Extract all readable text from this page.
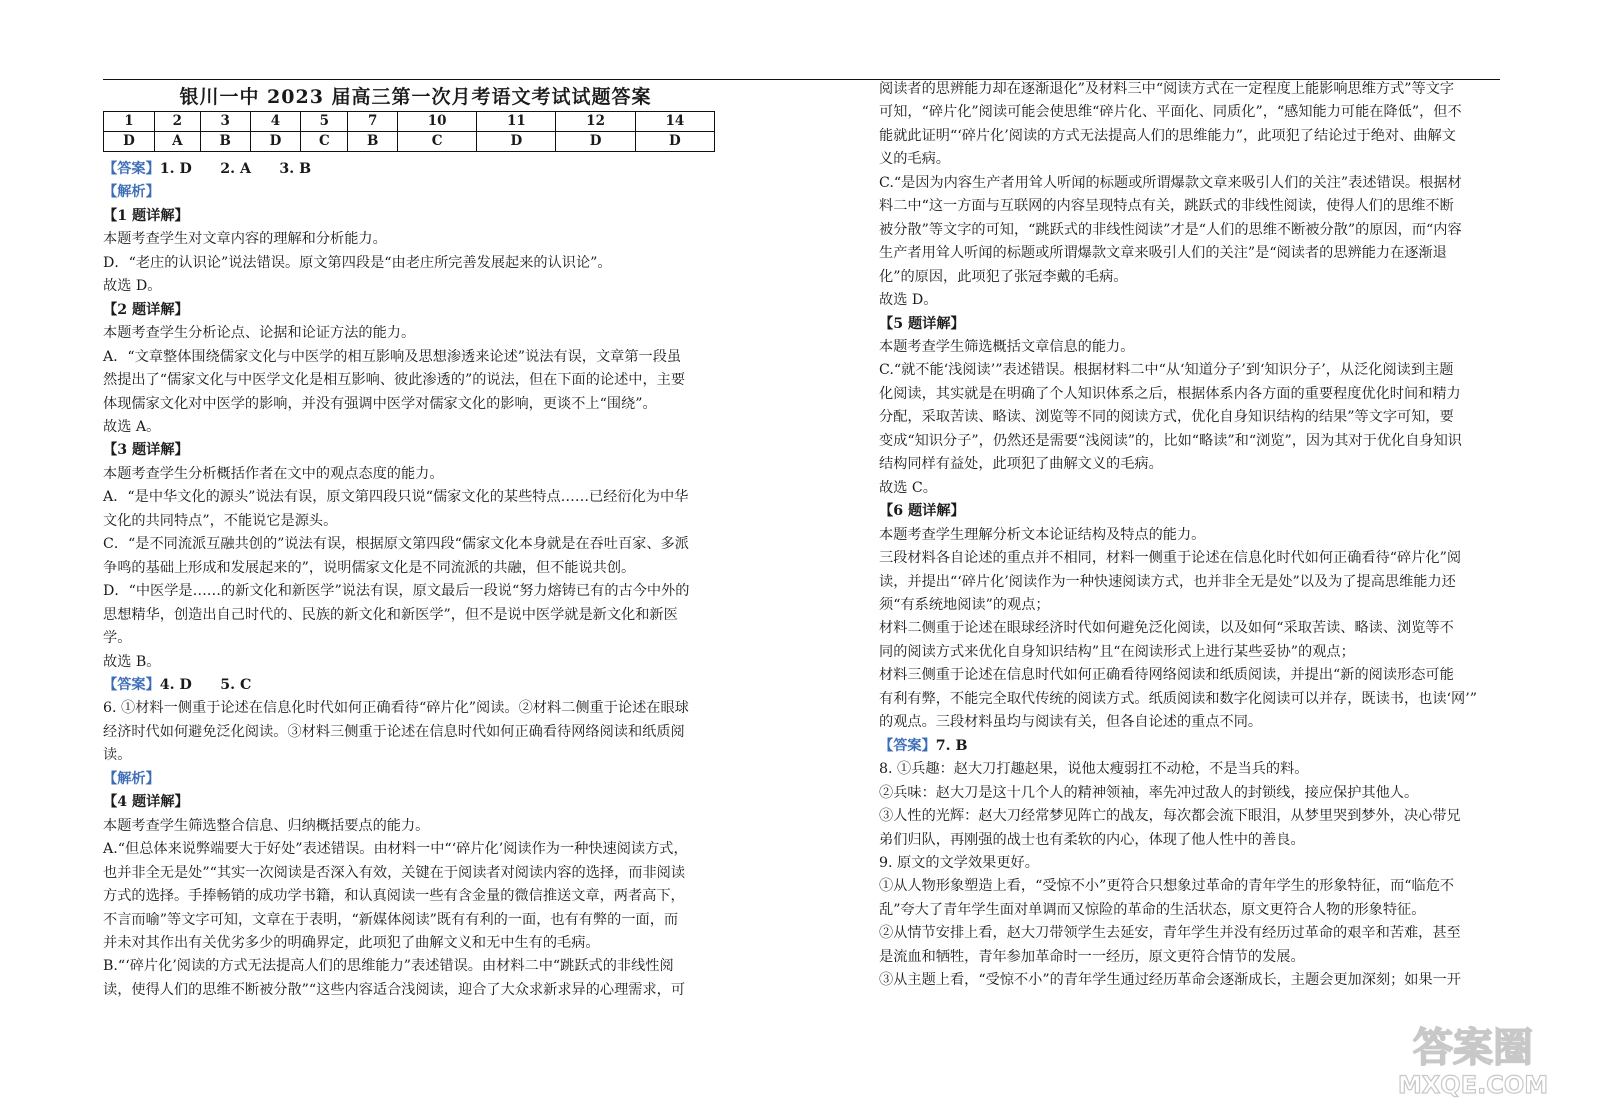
银川一中 2023 届高三第一次月考语文考试试题答案
1	2	3	4	5	7	10	11	12	14
D	A	B	D	C	B	C	D	D	D
【答案】1. D　　2. A　　3. B
【解析】
【1 题详解】
本题考查学生对文章内容的理解和分析能力。
D．“老庄的认识论”说法错误。原文第四段是“由老庄所完善发展起来的认识论”。
故选 D。
【2 题详解】
本题考查学生分析论点、论据和论证方法的能力。
A．“文章整体围绕儒家文化与中医学的相互影响及思想渗透来论述”说法有误，文章第一段虽
然提出了“儒家文化与中医学文化是相互影响、彼此渗透的”的说法，但在下面的论述中，主要
体现儒家文化对中医学的影响，并没有强调中医学对儒家文化的影响，更谈不上“围绕”。
故选 A。
【3 题详解】
本题考查学生分析概括作者在文中的观点态度的能力。
A．“是中华文化的源头”说法有误，原文第四段只说“儒家文化的某些特点……已经衍化为中华
文化的共同特点”，不能说它是源头。
C．“是不同流派互融共创的”说法有误，根据原文第四段“儒家文化本身就是在吞吐百家、多派
争鸣的基础上形成和发展起来的”，说明儒家文化是不同流派的共融，但不能说共创。
D．“中医学是……的新文化和新医学”说法有误，原文最后一段说“努力熔铸已有的古今中外的
思想精华，创造出自己时代的、民族的新文化和新医学”，但不是说中医学就是新文化和新医
学。
故选 B。
【答案】4. D　　5. C
6. ①材料一侧重于论述在信息化时代如何正确看待“碎片化”阅读。②材料二侧重于论述在眼球
经济时代如何避免泛化阅读。③材料三侧重于论述在信息时代如何正确看待网络阅读和纸质阅
读。
【解析】
【4 题详解】
本题考查学生筛选整合信息、归纳概括要点的能力。
A.“但总体来说弊端要大于好处”表述错误。由材料一中“‘碎片化’阅读作为一种快速阅读方式，
也并非全无是处”“其实一次阅读是否深入有效，关键在于阅读者对阅读内容的选择，而非阅读
方式的选择。手捧畅销的成功学书籍，和认真阅读一些有含金量的微信推送文章，两者高下，
不言而喻”等文字可知，文章在于表明，“新媒体阅读”既有有利的一面，也有有弊的一面，而
并未对其作出有关优劣多少的明确界定，此项犯了曲解文义和无中生有的毛病。
B.“‘碎片化’阅读的方式无法提高人们的思维能力”表述错误。由材料二中“跳跃式的非线性阅
读，使得人们的思维不断被分散”“这些内容适合浅阅读，迎合了大众求新求异的心理需求，可
阅读者的思辨能力却在逐渐退化”及材料三中“阅读方式在一定程度上能影响思维方式”等文字
可知，“碎片化”阅读可能会使思维“碎片化、平面化、同质化”，“感知能力可能在降低”，但不
能就此证明“‘碎片化’阅读的方式无法提高人们的思维能力”，此项犯了结论过于绝对、曲解文
义的毛病。
C.“是因为内容生产者用耸人听闻的标题或所谓爆款文章来吸引人们的关注”表述错误。根据材
料二中“这一方面与互联网的内容呈现特点有关，跳跃式的非线性阅读，使得人们的思维不断
被分散”等文字的可知，“跳跃式的非线性阅读”才是“人们的思维不断被分散”的原因，而“内容
生产者用耸人听闻的标题或所谓爆款文章来吸引人们的关注”是“阅读者的思辨能力在逐渐退
化”的原因，此项犯了张冠李戴的毛病。
故选 D。
【5 题详解】
本题考查学生筛选概括文章信息的能力。
C.“就不能‘浅阅读’”表述错误。根据材料二中“从‘知道分子’到‘知识分子’，从泛化阅读到主题
化阅读，其实就是在明确了个人知识体系之后，根据体系内各方面的重要程度优化时间和精力
分配，采取苦读、略读、浏览等不同的阅读方式，优化自身知识结构的结果”等文字可知，要
变成“知识分子”，仍然还是需要“浅阅读”的，比如“略读”和“浏览”，因为其对于优化自身知识
结构同样有益处，此项犯了曲解文义的毛病。
故选 C。
【6 题详解】
本题考查学生理解分析文本论证结构及特点的能力。
三段材料各自论述的重点并不相同，材料一侧重于论述在信息化时代如何正确看待“碎片化”阅
读，并提出“‘碎片化’阅读作为一种快速阅读方式，也并非全无是处”以及为了提高思维能力还
须“有系统地阅读”的观点；
材料二侧重于论述在眼球经济时代如何避免泛化阅读，以及如何“采取苦读、略读、浏览等不
同的阅读方式来优化自身知识结构”且“在阅读形式上进行某些妥协”的观点；
材料三侧重于论述在信息时代如何正确看待网络阅读和纸质阅读，并提出“新的阅读形态可能
有利有弊，不能完全取代传统的阅读方式。纸质阅读和数字化阅读可以并存，既读书，也读‘网’”
的观点。三段材料虽均与阅读有关，但各自论述的重点不同。
【答案】7. B
8. ①兵趣：赵大刀打趣赵果，说他太瘦弱扛不动枪，不是当兵的料。
②兵味：赵大刀是这十几个人的精神领袖，率先冲过敌人的封锁线，接应保护其他人。
③人性的光辉：赵大刀经常梦见阵亡的战友，每次都会流下眼泪，从梦里哭到梦外，决心带兄
弟们归队，再刚强的战士也有柔软的内心，体现了他人性中的善良。
9. 原文的文学效果更好。
①从人物形象塑造上看，“受惊不小”更符合只想象过革命的青年学生的形象特征，而“临危不
乱”夸大了青年学生面对单调而又惊险的革命的生活状态，原文更符合人物的形象特征。
②从情节安排上看，赵大刀带领学生去延安，青年学生并没有经历过革命的艰辛和苦难，甚至
是流血和牺牲，青年参加革命时一一经历，原文更符合情节的发展。
③从主题上看，“受惊不小”的青年学生通过经历革命会逐渐成长，主题会更加深刻；如果一开
答案圈
MXQE.COM
